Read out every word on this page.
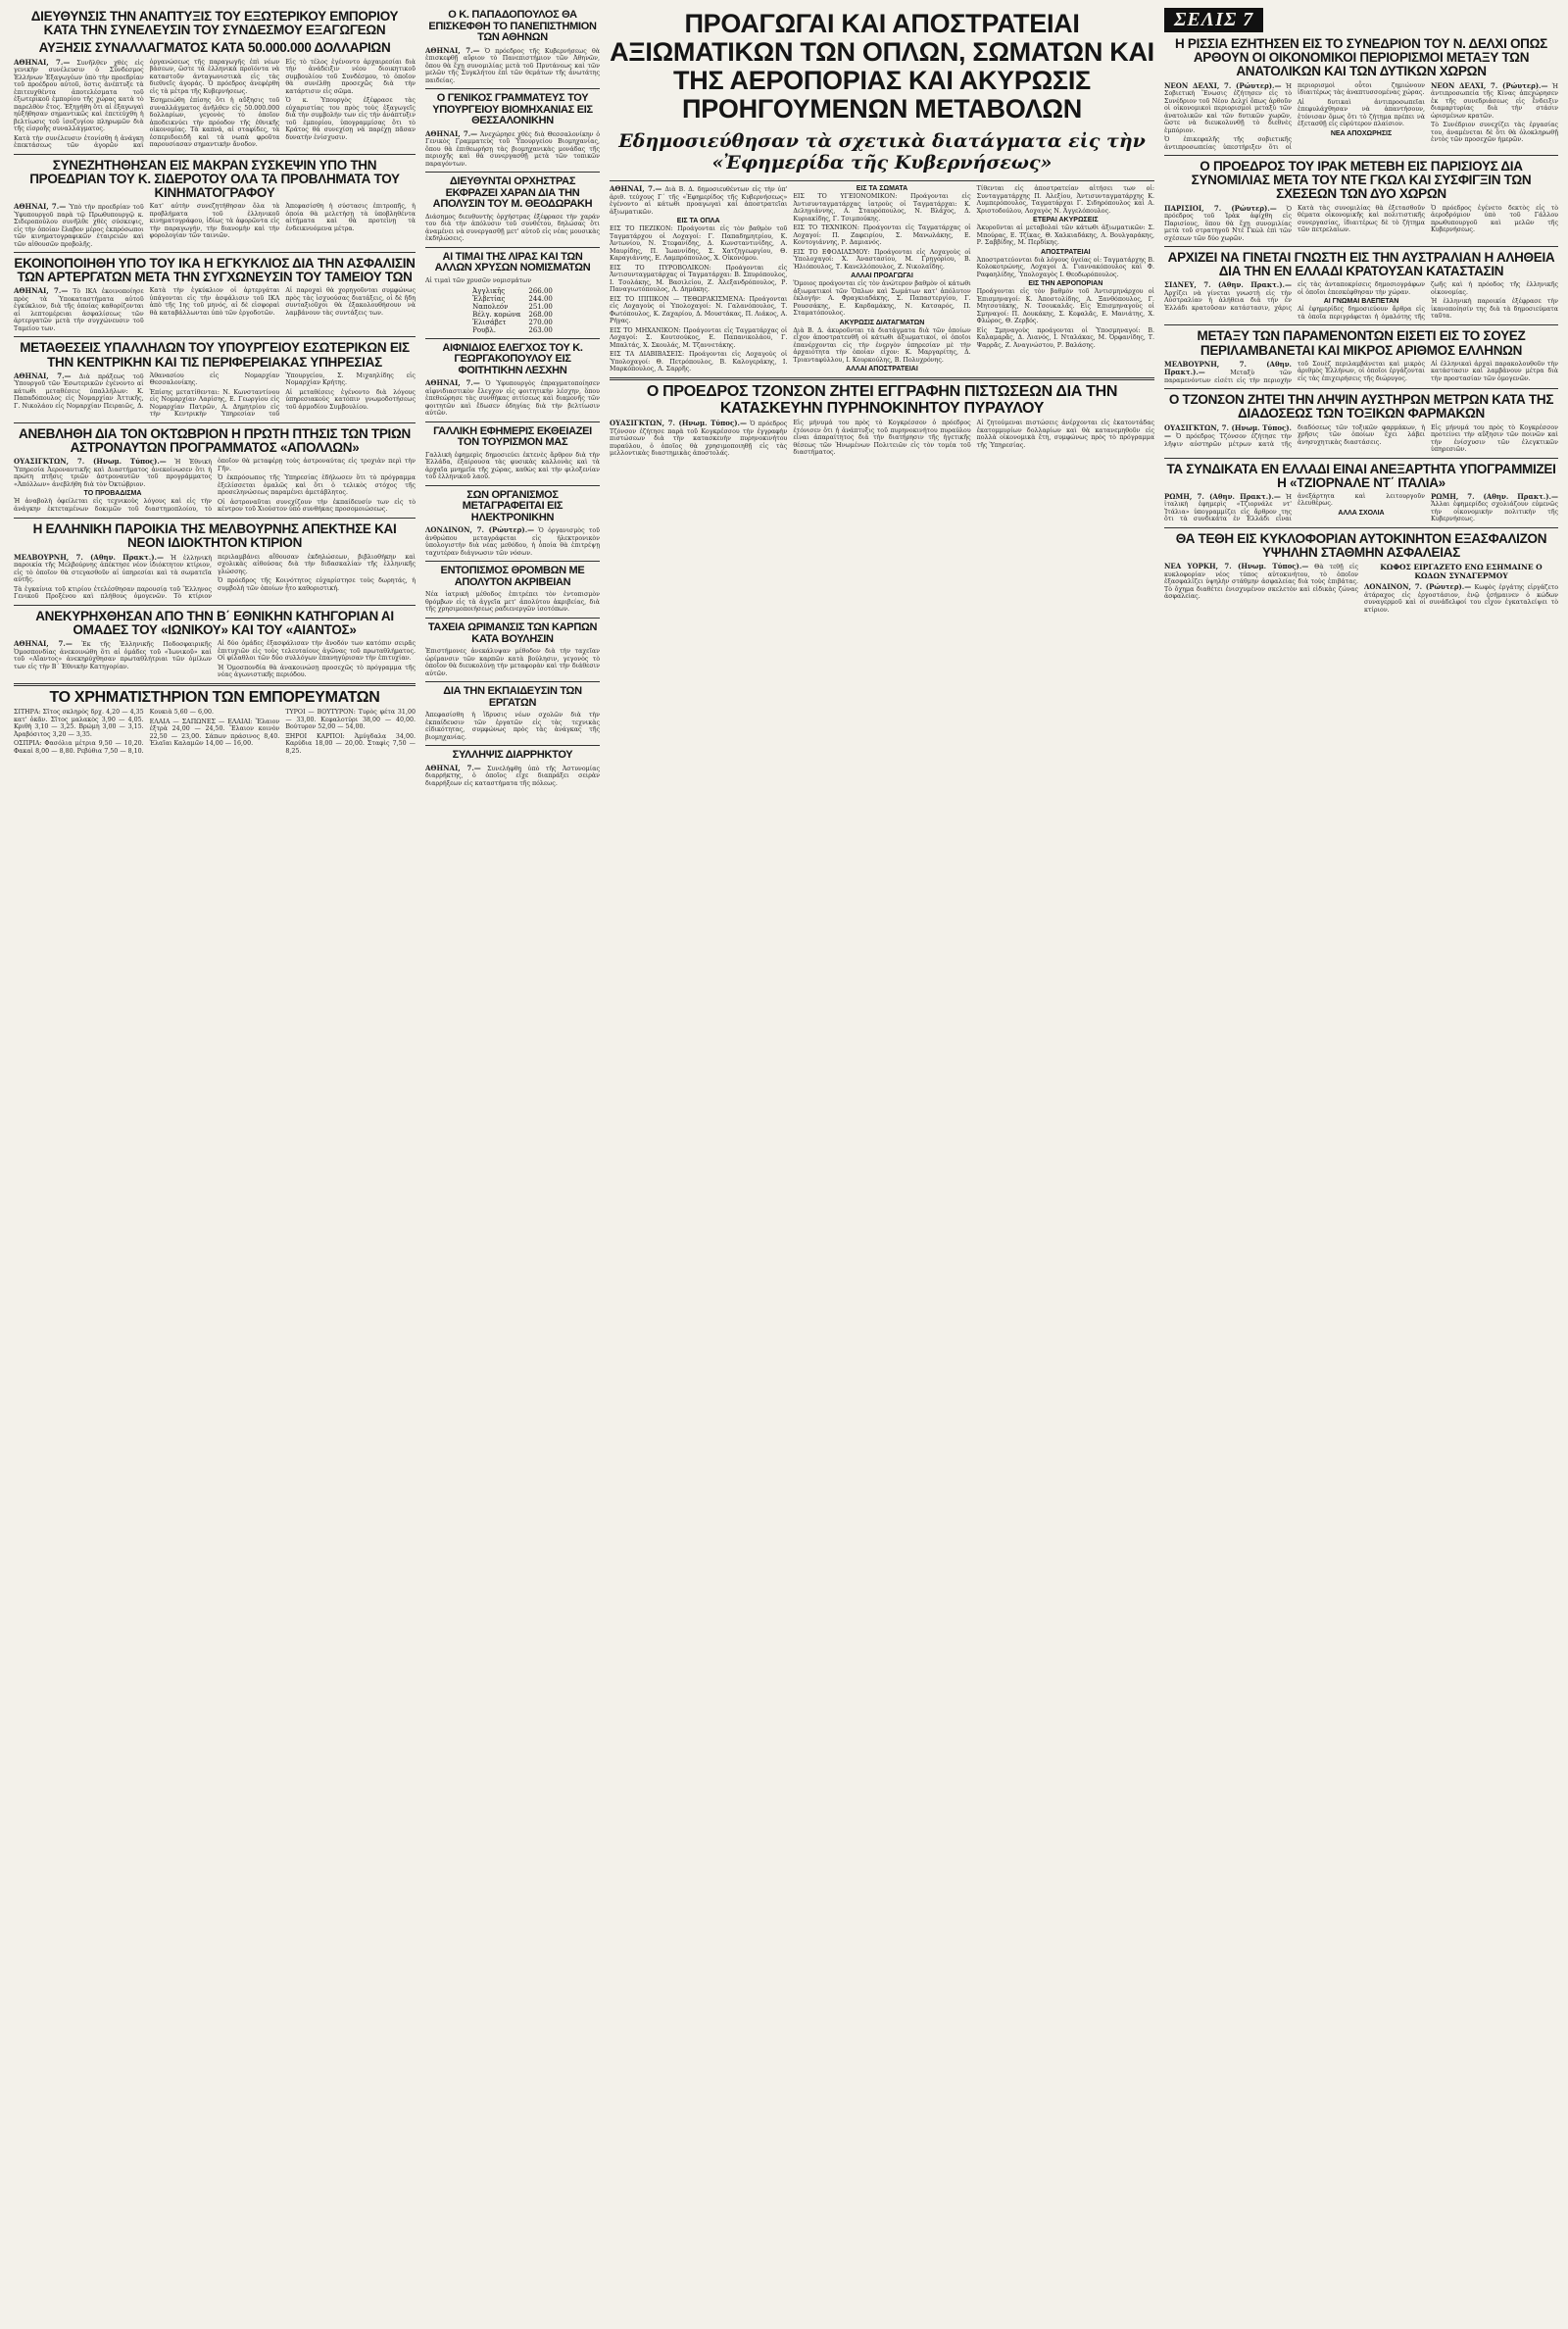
ΔΙΕΥΘΥΝΣΙΣ ΤΗΝ ΑΝΑΠΤΥΞΙΣ ΤΟΥ ΕΞΩΤΕΡΙΚΟΥ ΕΜΠΟΡΙΟΥ ΚΑΤΑ ΤΗΝ ΣΥΝΕΛΕΥΣΙΝ ΤΟΥ ΣΥΝΔΕΣΜΟΥ ΕΞΑΓΩΓΕΩΝ
ΑΥΞΗΣΙΣ ΣΥΝΑΛΛΑΓΜΑΤΟΣ ΚΑΤΑ 50.000.000 ΔΟΛΛΑΡΙΩΝ

ΑΘΗΝΑΙ, 7.— Συνῆλθεν χθὲς εἰς γενικὴν συνέλευσιν ὁ Σύνδεσμος Ἑλλήνων Ἐξαγωγέων ὑπὸ τὴν προεδρίαν τοῦ προέδρου αὐτοῦ, ὅστις ἀνέπτυξε τὰ ἐπιτευχθέντα ἀποτελέσματα τοῦ ἐξωτερικοῦ ἐμπορίου τῆς χώρας κατὰ τὸ παρελθὸν ἔτος. Ἐξηγήθη ὅτι αἱ ἐξαγωγαὶ ηὐξήθησαν σημαντικῶς καὶ ἐπετεύχθη ἡ βελτίωσις τοῦ ἰσοζυγίου πληρωμῶν διὰ τῆς εἰσροῆς συναλλάγματος.

Κατὰ τὴν συνέλευσιν ἐτονίσθη ἡ ἀνάγκη ἐπεκτάσεως τῶν ἀγορῶν καὶ ὀργανώσεως τῆς παραγωγῆς ἐπὶ νέων βάσεων, ὥστε τὰ ἑλληνικὰ προϊόντα νὰ καταστοῦν ἀνταγωνιστικὰ εἰς τὰς διεθνεῖς ἀγοράς. Ὁ πρόεδρος ἀνεφέρθη εἰς τὰ μέτρα τῆς Κυβερνήσεως.

Ἐσημειώθη ἐπίσης ὅτι ἡ αὔξησις τοῦ συναλλάγματος ἀνῆλθεν εἰς 50.000.000 δολλαρίων, γεγονὸς τὸ ὁποῖον ἀποδεικνύει τὴν πρόοδον τῆς ἐθνικῆς οἰκονομίας. Τὰ καπνά, αἱ σταφίδες, τὰ ἐσπεριδοειδῆ καὶ τὰ νωπὰ φροῦτα παρουσίασαν σημαντικὴν ἄνοδον.

Εἰς τὸ τέλος ἐγένοντο ἀρχαιρεσίαι διὰ τὴν ἀνάδειξιν νέου διοικητικοῦ συμβουλίου τοῦ Συνδέσμου, τὸ ὁποῖον θὰ συνέλθῃ προσεχῶς διὰ τὴν κατάρτισιν εἰς σῶμα.

Ὁ κ. Ὑπουργὸς ἐξέφρασε τὰς εὐχαριστίας του πρὸς τοὺς ἐξαγωγεῖς διὰ τὴν συμβολήν των εἰς τὴν ἀνάπτυξιν τοῦ ἐμπορίου, ὑπογραμμίσας ὅτι τὸ Κράτος θὰ συνεχίσῃ νὰ παρέχῃ πᾶσαν δυνατὴν ἐνίσχυσιν.

ΣΥΝΕΖΗΤΗΘΗΣΑΝ ΕΙΣ ΜΑΚΡΑΝ ΣΥΣΚΕΨΙΝ ΥΠΟ ΤΗΝ ΠΡΟΕΔΡΙΑΝ ΤΟΥ Κ. ΣΙΔΕΡΟΤΟΥ ΟΛΑ ΤΑ ΠΡΟΒΛΗΜΑΤΑ ΤΟΥ ΚΙΝΗΜΑΤΟΓΡΑΦΟΥ

ΑΘΗΝΑΙ, 7.— Ὑπὸ τὴν προεδρίαν τοῦ Ὑφυπουργοῦ παρὰ τῷ Πρωθυπουργῷ κ. Σιδεροπούλου συνῆλθε χθὲς σύσκεψις, εἰς τὴν ὁποίαν ἔλαβον μέρος ἐκπρόσωποι τῶν κινηματογραφικῶν ἑταιρειῶν καὶ τῶν αἰθουσῶν προβολῆς.

Κατ' αὐτὴν συνεζητήθησαν ὅλα τὰ προβλήματα τοῦ ἑλληνικοῦ κινηματογράφου, ἰδίως τὰ ἀφορῶντα εἰς τὴν παραγωγήν, τὴν διανομὴν καὶ τὴν φορολογίαν τῶν ταινιῶν.

Ἀπεφασίσθη ἡ σύστασις ἐπιτροπῆς, ἡ ὁποία θὰ μελετήσῃ τὰ ὑποβληθέντα αἰτήματα καὶ θὰ προτείνῃ τὰ ἐνδεικνυόμενα μέτρα.

ΕΚΟΙΝΟΠΟΙΗΘΗ ΥΠΟ ΤΟΥ ΙΚΑ Η ΕΓΚΥΚΛΙΟΣ ΔΙΑ ΤΗΝ ΑΣΦΑΛΙΣΙΝ ΤΩΝ ΑΡΤΕΡΓΑΤΩΝ ΜΕΤΑ ΤΗΝ ΣΥΓΧΩΝΕΥΣΙΝ ΤΟΥ ΤΑΜΕΙΟΥ ΤΩΝ

ΑΘΗΝΑΙ, 7.— Τὸ ΙΚΑ ἐκοινοποίησε πρὸς τὰ Ὑποκαταστήματα αὐτοῦ ἐγκύκλιον, διὰ τῆς ὁποίας καθορίζονται αἱ λεπτομέρειαι ἀσφαλίσεως τῶν ἀρτεργατῶν μετὰ τὴν συγχώνευσιν τοῦ Ταμείου των.

Κατὰ τὴν ἐγκύκλιον οἱ ἀρτεργάται ὑπάγονται εἰς τὴν ἀσφάλισιν τοῦ ΙΚΑ ἀπὸ τῆς 1ης τοῦ μηνός, αἱ δὲ εἰσφοραὶ θὰ καταβάλλωνται ὑπὸ τῶν ἐργοδοτῶν.

Αἱ παροχαὶ θὰ χορηγοῦνται συμφώνως πρὸς τὰς ἰσχυούσας διατάξεις, οἱ δὲ ἤδη συνταξιοῦχοι θὰ ἐξακολουθήσουν νὰ λαμβάνουν τὰς συντάξεις των.

ΜΕΤΑΘΕΣΕΙΣ ΥΠΑΛΛΗΛΩΝ ΤΟΥ ΥΠΟΥΡΓΕΙΟΥ ΕΣΩΤΕΡΙΚΩΝ ΕΙΣ ΤΗΝ ΚΕΝΤΡΙΚΗΝ ΚΑΙ ΤΙΣ ΠΕΡΙΦΕΡΕΙΑΚΑΣ ΥΠΗΡΕΣΙΑΣ

ΑΘΗΝΑΙ, 7.— Διὰ πράξεως τοῦ Ὑπουργοῦ τῶν Ἐσωτερικῶν ἐγένοντο αἱ κάτωθι μεταθέσεις ὑπαλλήλων: Κ. Παπαδόπουλος εἰς Νομαρχίαν Ἀττικῆς, Γ. Νικολάου εἰς Νομαρχίαν Πειραιῶς, Δ. Ἀθανασίου εἰς Νομαρχίαν Θεσσαλονίκης.

Ἐπίσης μετατίθενται: Ν. Κωνσταντίνου εἰς Νομαρχίαν Λαρίσης, Ε. Γεωργίου εἰς Νομαρχίαν Πατρῶν, Α. Δημητρίου εἰς τὴν Κεντρικὴν Ὑπηρεσίαν τοῦ Ὑπουργείου, Σ. Μιχαηλίδης εἰς Νομαρχίαν Κρήτης.

Αἱ μεταθέσεις ἐγένοντο διὰ λόγους ὑπηρεσιακοὺς κατόπιν γνωμοδοτήσεως τοῦ ἁρμοδίου Συμβουλίου.

ΑΝΕΒΛΗΘΗ ΔΙΑ ΤΟΝ ΟΚΤΩΒΡΙΟΝ Η ΠΡΩΤΗ ΠΤΗΣΙΣ ΤΩΝ ΤΡΙΩΝ ΑΣΤΡΟΝΑΥΤΩΝ ΠΡΟΓΡΑΜΜΑΤΟΣ «ΑΠΟΛΛΩΝ»

ΟΥΑΣΙΓΚΤΩΝ, 7. (Ηνωμ. Τύπος).— Ἡ Ἐθνικὴ Ὑπηρεσία Ἀεροναυτικῆς καὶ Διαστήματος ἀνεκοίνωσεν ὅτι ἡ πρώτη πτῆσις τριῶν ἀστροναυτῶν τοῦ προγράμματος «Ἀπόλλων» ἀνεβλήθη διὰ τὸν Ὀκτώβριον.

ΤΟ ΠΡΟΒΑΔΙΣΜΑ

Ἡ ἀναβολὴ ὀφείλεται εἰς τεχνικοὺς λόγους καὶ εἰς τὴν ἀνάγκην ἐκτεταμένων δοκιμῶν τοῦ διαστημοπλοίου, τὸ ὁποῖον θὰ μεταφέρῃ τοὺς ἀστροναύτας εἰς τροχιὰν περὶ τὴν Γῆν.

Ὁ ἐκπρόσωπος τῆς Ὑπηρεσίας ἐδήλωσεν ὅτι τὸ πρόγραμμα ἐξελίσσεται ὁμαλῶς καὶ ὅτι ὁ τελικὸς στόχος τῆς προσεληνώσεως παραμένει ἀμετάβλητος.

Οἱ ἀστροναῦται συνεχίζουν τὴν ἐκπαίδευσίν των εἰς τὸ κέντρον τοῦ Χιούστον ὑπὸ συνθήκας προσομοιώσεως.

Η ΕΛΛΗΝΙΚΗ ΠΑΡΟΙΚΙΑ ΤΗΣ ΜΕΛΒΟΥΡΝΗΣ ΑΠΕΚΤΗΣΕ ΚΑΙ ΝΕΟΝ ΙΔΙΟΚΤΗΤΟΝ ΚΤΙΡΙΟΝ

ΜΕΛΒΟΥΡΝΗ, 7. (Αθην. Πρακτ.).— Ἡ ἑλληνικὴ παροικία τῆς Μελβούρνης ἀπέκτησε νέον ἰδιόκτητον κτίριον, εἰς τὸ ὁποῖον θὰ στεγασθοῦν αἱ ὑπηρεσίαι καὶ τὰ σωματεῖα αὐτῆς.

Τὰ ἐγκαίνια τοῦ κτιρίου ἐτελέσθησαν παρουσίᾳ τοῦ Ἕλληνος Γενικοῦ Προξένου καὶ πλήθους ὁμογενῶν. Τὸ κτίριον περιλαμβάνει αἴθουσαν ἐκδηλώσεων, βιβλιοθήκην καὶ σχολικὰς αἰθούσας διὰ τὴν διδασκαλίαν τῆς ἑλληνικῆς γλώσσης.

Ὁ πρόεδρος τῆς Κοινότητος εὐχαρίστησε τοὺς δωρητάς, ἡ συμβολὴ τῶν ὁποίων ἦτο καθοριστική.

ΑΝΕΚΥΡΗΧΘΗΣΑΝ ΑΠΟ ΤΗΝ Β΄ ΕΘΝΙΚΗΝ ΚΑΤΗΓΟΡΙΑΝ ΑΙ ΟΜΑΔΕΣ ΤΟΥ «ΙΩΝΙΚΟΥ» ΚΑΙ ΤΟΥ «ΑΙΑΝΤΟΣ»

ΑΘΗΝΑΙ, 7.— Ἐκ τῆς Ἑλληνικῆς Ποδοσφαιρικῆς Ὁμοσπονδίας ἀνεκοινώθη ὅτι αἱ ὁμάδες τοῦ «Ἰωνικοῦ» καὶ τοῦ «Αἴαντος» ἀνεκηρύχθησαν πρωταθλήτριαι τῶν ὁμίλων των εἰς τὴν Β΄ Ἐθνικὴν Κατηγορίαν.

Αἱ δύο ὁμάδες ἐξασφάλισαν τὴν ἄνοδόν των κατόπιν σειρᾶς ἐπιτυχιῶν εἰς τοὺς τελευταίους ἀγῶνας τοῦ πρωταθλήματος. Οἱ φίλαθλοι τῶν δύο συλλόγων ἐπανηγύρισαν τὴν ἐπιτυχίαν.

Ἡ Ὁμοσπονδία θὰ ἀνακοινώσῃ προσεχῶς τὸ πρόγραμμα τῆς νέας ἀγωνιστικῆς περιόδου.

ΤΟ ΧΡΗΜΑΤΙΣΤΗΡΙΟΝ ΤΩΝ ΕΜΠΟΡΕΥΜΑΤΩΝ

ΣΙΤΗΡΑ: Σῖτος σκληρὸς δρχ. 4,20 — 4,35 κατ' ὀκᾶν. Σῖτος μαλακὸς 3,90 — 4,05. Κριθὴ 3,10 — 3,25. Βρώμη 3,00 — 3,15. Ἀραβόσιτος 3,20 — 3,35.

ΟΣΠΡΙΑ: Φασόλια μέτρια 9,50 — 10,20. Φακαὶ 8,00 — 8,80. Ρεβύθια 7,50 — 8,10. Κουκιὰ 5,60 — 6,00.

ΕΛΑΙΑ — ΣΑΠΩΝΕΣ — ΕΛΑΙΑΙ: Ἔλαιον ἐξτρὰ 24,00 — 24,50. Ἔλαιον κοινὸν 22,50 — 23,00. Σάπων πράσινος 8,40. Ἐλαῖαι Καλαμῶν 14,00 — 16,00.

ΤΥΡΟΙ — ΒΟΥΤΥΡΟΝ: Τυρὸς φέτα 31,00 — 33,00. Κεφαλοτύρι 38,00 — 40,00. Βούτυρον 52,00 — 54,00.

ΞΗΡΟΙ ΚΑΡΠΟΙ: Ἀμύγδαλα 34,00. Καρύδια 18,00 — 20,00. Σταφὶς 7,50 — 8,25.

Ο Κ. ΠΑΠΑΔΟΠΟΥΛΟΣ ΘΑ ΕΠΙΣΚΕΦΘΗ ΤΟ ΠΑΝΕΠΙΣΤΗΜΙΟΝ ΤΩΝ ΑΘΗΝΩΝ

ΑΘΗΝΑΙ, 7.— Ὁ πρόεδρος τῆς Κυβερνήσεως θὰ ἐπισκεφθῇ αὔριον τὸ Πανεπιστήμιον τῶν Ἀθηνῶν, ὅπου θὰ ἔχῃ συνομιλίας μετὰ τοῦ Πρυτάνεως καὶ τῶν μελῶν τῆς Συγκλήτου ἐπὶ τῶν θεμάτων τῆς ἀνωτάτης παιδείας.

Ο ΓΕΝΙΚΟΣ ΓΡΑΜΜΑΤΕΥΣ ΤΟΥ ΥΠΟΥΡΓΕΙΟΥ ΒΙΟΜΗΧΑΝΙΑΣ ΕΙΣ ΘΕΣΣΑΛΟΝΙΚΗΝ

ΑΘΗΝΑΙ, 7.— Ἀνεχώρησε χθὲς διὰ Θεσσαλονίκην ὁ Γενικὸς Γραμματεὺς τοῦ Ὑπουργείου Βιομηχανίας, ὅπου θὰ ἐπιθεωρήσῃ τὰς βιομηχανικὰς μονάδας τῆς περιοχῆς καὶ θὰ συνεργασθῇ μετὰ τῶν τοπικῶν παραγόντων.

ΔΙΕΥΘΥΝΤΑΙ ΟΡΧΗΣΤΡΑΣ ΕΚΦΡΑΖΕΙ ΧΑΡΑΝ ΔΙΑ ΤΗΝ ΑΠΟΛΥΣΙΝ ΤΟΥ Μ. ΘΕΟΔΩΡΑΚΗ

Διάσημος διευθυντὴς ὀρχήστρας ἐξέφρασε τὴν χαράν του διὰ τὴν ἀπόλυσιν τοῦ συνθέτου, δηλώσας ὅτι ἀναμένει νὰ συνεργασθῇ μετ' αὐτοῦ εἰς νέας μουσικὰς ἐκδηλώσεις.

ΑΙ ΤΙΜΑΙ ΤΗΣ ΛΙΡΑΣ ΚΑΙ ΤΩΝ ΑΛΛΩΝ ΧΡΥΣΩΝ ΝΟΜΙΣΜΑΤΩΝ

Αἱ τιμαὶ τῶν χρυσῶν νομισμάτων

Ἀγγλικῆς	266.00
Ἑλβετίας	244.00
Ναπολεόν	251.00
Βέλγ. κορώνα	268.00
Ἐλισάβετ	270.00
Ρουβλ.	263.00
ΑΙΦΝΙΔΙΟΣ ΕΛΕΓΧΟΣ ΤΟΥ Κ. ΓΕΩΡΓΑΚΟΠΟΥΛΟΥ ΕΙΣ ΦΟΙΤΗΤΙΚΗΝ ΛΕΣΧΗΝ

ΑΘΗΝΑΙ, 7.— Ὁ Ὑφυπουργὸς ἐπραγματοποίησεν αἰφνιδιαστικὸν ἔλεγχον εἰς φοιτητικὴν λέσχην, ὅπου ἐπεθεώρησε τὰς συνθήκας σιτίσεως καὶ διαμονῆς τῶν φοιτητῶν καὶ ἔδωσεν ὁδηγίας διὰ τὴν βελτίωσιν αὐτῶν.

ΓΑΛΛΙΚΗ ΕΦΗΜΕΡΙΣ ΕΚΘΕΙΑΖΕΙ ΤΟΝ ΤΟΥΡΙΣΜΟΝ ΜΑΣ

Γαλλικὴ ἐφημερὶς δημοσιεύει ἐκτενὲς ἄρθρον διὰ τὴν Ἑλλάδα, ἐξαίρουσα τὰς φυσικὰς καλλονὰς καὶ τὰ ἀρχαῖα μνημεῖα τῆς χώρας, καθὼς καὶ τὴν φιλοξενίαν τοῦ ἑλληνικοῦ λαοῦ.

ΣΩΝ ΟΡΓΑΝΙΣΜΟΣ ΜΕΤΑΓΡΑΦΕΙΤΑΙ ΕΙΣ ΗΛΕΚΤΡΟΝΙΚΗΝ

ΛΟΝΔΙΝΟΝ, 7. (Ρώυτερ).— Ὁ ὀργανισμὸς τοῦ ἀνθρώπου μεταγράφεται εἰς ἠλεκτρονικὸν ὑπολογιστὴν διὰ νέας μεθόδου, ἡ ὁποία θὰ ἐπιτρέψῃ ταχυτέραν διάγνωσιν τῶν νόσων.

ΕΝΤΟΠΙΣΜΟΣ ΘΡΟΜΒΩΝ ΜΕ ΑΠΟΛΥΤΟΝ ΑΚΡΙΒΕΙΑΝ

Νέα ἰατρικὴ μέθοδος ἐπιτρέπει τὸν ἐντοπισμὸν θρόμβων εἰς τὰ ἀγγεῖα μετ' ἀπολύτου ἀκριβείας, διὰ τῆς χρησιμοποιήσεως ραδιενεργῶν ἰσοτόπων.

ΤΑΧΕΙΑ ΩΡΙΜΑΝΣΙΣ ΤΩΝ ΚΑΡΠΩΝ ΚΑΤΑ ΒΟΥΛΗΣΙΝ

Ἐπιστήμονες ἀνεκάλυψαν μέθοδον διὰ τὴν ταχεῖαν ὡρίμανσιν τῶν καρπῶν κατὰ βούλησιν, γεγονὸς τὸ ὁποῖον θὰ διευκολύνῃ τὴν μεταφορὰν καὶ τὴν διάθεσιν αὐτῶν.

ΔΙΑ ΤΗΝ ΕΚΠΑΙΔΕΥΣΙΝ ΤΩΝ ΕΡΓΑΤΩΝ

Ἀπεφασίσθη ἡ ἵδρυσις νέων σχολῶν διὰ τὴν ἐκπαίδευσιν τῶν ἐργατῶν εἰς τὰς τεχνικὰς εἰδικότητας, συμφώνως πρὸς τὰς ἀνάγκας τῆς βιομηχανίας.

ΣΥΛΛΗΨΙΣ ΔΙΑΡΡΗΚΤΟΥ

ΑΘΗΝΑΙ, 7.— Συνελήφθη ὑπὸ τῆς Ἀστυνομίας διαρρήκτης, ὁ ὁποῖος εἶχε διαπράξει σειρὰν διαρρήξεων εἰς καταστήματα τῆς πόλεως.

ΠΡΟΑΓΩΓΑΙ ΚΑΙ ΑΠΟΣΤΡΑΤΕΙΑΙ ΑΞΙΩΜΑΤΙΚΩΝ ΤΩΝ ΟΠΛΩΝ, ΣΩΜΑΤΩΝ ΚΑΙ ΤΗΣ ΑΕΡΟΠΟΡΙΑΣ ΚΑΙ ΑΚΥΡΩΣΙΣ ΠΡΟΗΓΟΥΜΕΝΩΝ ΜΕΤΑΒΟΛΩΝ
Εδημοσιεύθησαν τὰ σχετικὰ διατάγματα εἰς τὴν «Ἐφημερίδα τῆς Κυβερνήσεως»

ΑΘΗΝΑΙ, 7.— Διὰ Β. Δ. δημοσιευθέντων εἰς τὴν ὑπ' ἀριθ. τεύχους Γ΄ τῆς «Ἐφημερίδος τῆς Κυβερνήσεως» ἐγένοντο αἱ κάτωθι προαγωγαὶ καὶ ἀποστρατεῖαι ἀξιωματικῶν.

ΕΙΣ ΤΑ ΟΠΛΑ

ΕΙΣ ΤΟ ΠΕΖΙΚΟΝ: Προάγονται εἰς τὸν βαθμὸν τοῦ Ταγματάρχου οἱ Λοχαγοί: Γ. Παπαδημητρίου, Κ. Ἀντωνίου, Ν. Στεφανίδης, Δ. Κωνσταντινίδης, Α. Μαυρίδης, Π. Ἰωαννίδης, Σ. Χατζηγεωργίου, Θ. Καραγιάννης, Ε. Λαμπρόπουλος, Χ. Οἰκονόμου.

ΕΙΣ ΤΟ ΠΥΡΟΒΟΛΙΚΟΝ: Προάγονται εἰς Ἀντισυνταγματάρχας οἱ Ταγματάρχαι: Β. Σπυρόπουλος, Ι. Τσολάκης, Μ. Βασιλείου, Ζ. Ἀλεξανδρόπουλος, Ρ. Παναγιωτόπουλος, Λ. Δημάκης.

ΕΙΣ ΤΟ ΙΠΠΙΚΟΝ — ΤΕΘΩΡΑΚΙΣΜΕΝΑ: Προάγονται εἰς Λοχαγοὺς οἱ Ὑπολοχαγοί: Ν. Γαλανόπουλος, Τ. Φωτόπουλος, Κ. Ζαχαρίου, Δ. Μουστάκας, Π. Λιάκος, Α. Ρήγας.

ΕΙΣ ΤΟ ΜΗΧΑΝΙΚΟΝ: Προάγονται εἰς Ταγματάρχας οἱ Λοχαγοί: Σ. Κουτσούκος, Ε. Παπανικολάου, Γ. Μπαλτάς, Χ. Σκουλάς, Μ. Τζαννετάκης.

ΕΙΣ ΤΑ ΔΙΑΒΙΒΑΣΕΙΣ: Προάγονται εἰς Λοχαγοὺς οἱ Ὑπολοχαγοί: Θ. Πετρόπουλος, Β. Καλογεράκης, Ι. Μαρκόπουλος, Λ. Σαρρῆς.

ΕΙΣ ΤΑ ΣΩΜΑΤΑ

ΕΙΣ ΤΟ ΥΓΕΙΟΝΟΜΙΚΟΝ: Προάγονται εἰς Ἀντισυνταγματάρχας ἰατροὺς οἱ Ταγματάρχαι: Κ. Δεληγιάννης, Α. Σταυρόπουλος, Ν. Βλάχος, Δ. Κυριακίδης, Γ. Τσιμπούκης.

ΕΙΣ ΤΟ ΤΕΧΝΙΚΟΝ: Προάγονται εἰς Ταγματάρχας οἱ Λοχαγοί: Π. Ζαφειρίου, Σ. Μανωλάκης, Ε. Κοντογιάννης, Ρ. Δαμιανός.

ΕΙΣ ΤΟ ΕΦΟΔΙΑΣΜΟΥ: Προάγονται εἰς Λοχαγοὺς οἱ Ὑπολοχαγοί: Χ. Ἀναστασίου, Μ. Γρηγορίου, Β. Ἠλιόπουλος, Τ. Κανελλόπουλος, Ζ. Νικολαΐδης.

ΑΛΛΑΙ ΠΡΟΑΓΩΓΑΙ

Ὅμοιος προάγονται εἰς τὸν ἀνώτερον βαθμὸν οἱ κάτωθι ἀξιωματικοὶ τῶν Ὅπλων καὶ Σωμάτων κατ' ἀπόλυτον ἐκλογήν: Α. Φραγκιαδάκης, Σ. Παπαστεργίου, Γ. Ρουσσάκης, Ε. Καρδαμάκης, Ν. Κατσαρός, Π. Σταματόπουλος.

ΑΚΥΡΩΣΙΣ ΔΙΑΤΑΓΜΑΤΩΝ

Διὰ Β. Δ. ἀκυροῦνται τὰ διατάγματα διὰ τῶν ὁποίων εἶχον ἀποστρατευθῆ οἱ κάτωθι ἀξιωματικοί, οἱ ὁποῖοι ἐπανέρχονται εἰς τὴν ἐνεργὸν ὑπηρεσίαν μὲ τὴν ἀρχαιότητα τὴν ὁποίαν εἶχον: Κ. Μαργαρίτης, Δ. Τριανταφύλλου, Ι. Κουρκούλης, Β. Πολυχρόνης.

ΑΛΛΑΙ ΑΠΟΣΤΡΑΤΕΙΑΙ

Τίθενται εἰς ἀποστρατείαν αἰτήσει των οἱ: Συνταγματάρχης Π. Ἀλεξίου, Ἀντισυνταγματάρχης Κ. Λυμπερόπουλος, Ταγματάρχαι Γ. Σιδηρόπουλος καὶ Α. Χριστοδούλου, Λοχαγὸς Ν. Ἀγγελόπουλος.

ΕΤΕΡΑΙ ΑΚΥΡΩΣΕΙΣ

Ἀκυροῦνται αἱ μεταβολαὶ τῶν κάτωθι ἀξιωματικῶν: Σ. Μπούρας, Ε. Τζίκας, Θ. Χαλκιαδάκης, Λ. Βουλγαράκης, Ρ. Σαββίδης, Μ. Περδίκης.

ΑΠΟΣΤΡΑΤΕΙΑΙ

Ἀποστρατεύονται διὰ λόγους ὑγείας οἱ: Ταγματάρχης Β. Κολοκοτρώνης, Λοχαγοὶ Δ. Γιαννακόπουλος καὶ Φ. Ραφαηλίδης, Ὑπολοχαγὸς Ι. Θεοδωρόπουλος.

ΕΙΣ ΤΗΝ ΑΕΡΟΠΟΡΙΑΝ

Προάγονται εἰς τὸν βαθμὸν τοῦ Ἀντισμηνάρχου οἱ Ἐπισμηναγοί: Κ. Ἀποστολίδης, Α. Ξανθόπουλος, Γ. Μητσοτάκης, Ν. Τσουκαλᾶς. Εἰς Ἐπισμηναγοὺς οἱ Σμηναγοί: Π. Δουκάκης, Σ. Κεφαλᾶς, Ε. Μανιάτης, Χ. Φλώρος, Θ. Ζερβός.

Εἰς Σμηναγοὺς προάγονται οἱ Ὑποσμηναγοί: Β. Καλαμαρᾶς, Δ. Λιανός, Ι. Νταλάκας, Μ. Ὀρφανίδης, Τ. Ψαρρᾶς, Ζ. Ἀναγνώστου, Ρ. Βαλάσης.

Ο ΠΡΟΕΔΡΟΣ ΤΖΟΝΣΟΝ ΖΗΤΕΙ ΕΓΓΡΑΦΗΝ ΠΙΣΤΩΣΕΩΝ ΔΙΑ ΤΗΝ ΚΑΤΑΣΚΕΥΗΝ ΠΥΡΗΝΟΚΙΝΗΤΟΥ ΠΥΡΑΥΛΟΥ

ΟΥΑΣΙΓΚΤΩΝ, 7. (Ηνωμ. Τύπος).— Ὁ πρόεδρος Τζόνσον ἐζήτησε παρὰ τοῦ Κογκρέσσου τὴν ἐγγραφὴν πιστώσεων διὰ τὴν κατασκευὴν πυρηνοκινήτου πυραύλου, ὁ ὁποῖος θὰ χρησιμοποιηθῇ εἰς τὰς μελλοντικὰς διαστημικὰς ἀποστολάς.

Εἰς μήνυμά του πρὸς τὸ Κογκρέσσον ὁ πρόεδρος ἐτόνισεν ὅτι ἡ ἀνάπτυξις τοῦ πυρηνοκινήτου πυραύλου εἶναι ἀπαραίτητος διὰ τὴν διατήρησιν τῆς ἡγετικῆς θέσεως τῶν Ἡνωμένων Πολιτειῶν εἰς τὸν τομέα τοῦ διαστήματος.

Αἱ ζητούμεναι πιστώσεις ἀνέρχονται εἰς ἑκατοντάδας ἑκατομμυρίων δολλαρίων καὶ θὰ κατανεμηθοῦν εἰς πολλὰ οἰκονομικὰ ἔτη, συμφώνως πρὸς τὸ πρόγραμμα τῆς Ὑπηρεσίας.

ΣΕΛΙΣ 7
Η ΡΙΣΣΙΑ ΕΖΗΤΗΣΕΝ ΕΙΣ ΤΟ ΣΥΝΕΔΡΙΟΝ ΤΟΥ Ν. ΔΕΛΧΙ ΟΠΩΣ ΑΡΘΟΥΝ ΟΙ ΟΙΚΟΝΟΜΙΚΟΙ ΠΕΡΙΟΡΙΣΜΟΙ ΜΕΤΑΞΥ ΤΩΝ ΑΝΑΤΟΛΙΚΩΝ ΚΑΙ ΤΩΝ ΔΥΤΙΚΩΝ ΧΩΡΩΝ

ΝΕΟΝ ΔΕΛΧΙ, 7. (Ρώυτερ).— Ἡ Σοβιετικὴ Ἕνωσις ἐζήτησεν εἰς τὸ Συνέδριον τοῦ Νέου Δελχί ὅπως ἀρθοῦν οἱ οἰκονομικοὶ περιορισμοὶ μεταξὺ τῶν ἀνατολικῶν καὶ τῶν δυτικῶν χωρῶν, ὥστε νὰ διευκολυνθῇ τὸ διεθνὲς ἐμπόριον.

Ὁ ἐπικεφαλῆς τῆς σοβιετικῆς ἀντιπροσωπείας ὑπεστήριξεν ὅτι οἱ περιορισμοὶ οὗτοι ζημιώνουν ἰδιαιτέρως τὰς ἀναπτυσσομένας χώρας.

Αἱ δυτικαὶ ἀντιπροσωπεῖαι ἐπεφυλάχθησαν νὰ ἀπαντήσουν, ἐτόνισαν ὅμως ὅτι τὸ ζήτημα πρέπει νὰ ἐξετασθῇ εἰς εὐρύτερον πλαίσιον.

ΝΕΑ ΑΠΟΧΩΡΗΣΙΣ

ΝΕΟΝ ΔΕΛΧΙ, 7. (Ρώυτερ).— Ἡ ἀντιπροσωπεία τῆς Κίνας ἀπεχώρησεν ἐκ τῆς συνεδριάσεως εἰς ἔνδειξιν διαμαρτυρίας διὰ τὴν στάσιν ὡρισμένων κρατῶν.

Τὸ Συνέδριον συνεχίζει τὰς ἐργασίας του, ἀναμένεται δὲ ὅτι θὰ ὁλοκληρωθῇ ἐντὸς τῶν προσεχῶν ἡμερῶν.

Ο ΠΡΟΕΔΡΟΣ ΤΟΥ ΙΡΑΚ ΜΕΤΕΒΗ ΕΙΣ ΠΑΡΙΣΙΟΥΣ ΔΙΑ ΣΥΝΟΜΙΛΙΑΣ ΜΕΤΑ ΤΟΥ ΝΤΕ ΓΚΩΛ ΚΑΙ ΣΥΣΦΙΓΞΙΝ ΤΩΝ ΣΧΕΣΕΩΝ ΤΩΝ ΔΥΟ ΧΩΡΩΝ

ΠΑΡΙΣΙΟΙ, 7. (Ρώυτερ).— Ὁ πρόεδρος τοῦ Ἰρὰκ ἀφίχθη εἰς Παρισίους, ὅπου θὰ ἔχῃ συνομιλίας μετὰ τοῦ στρατηγοῦ Ντὲ Γκὼλ ἐπὶ τῶν σχέσεων τῶν δύο χωρῶν.

Κατὰ τὰς συνομιλίας θὰ ἐξετασθοῦν θέματα οἰκονομικῆς καὶ πολιτιστικῆς συνεργασίας, ἰδιαιτέρως δὲ τὸ ζήτημα τῶν πετρελαίων.

Ὁ πρόεδρος ἐγένετο δεκτὸς εἰς τὸ ἀεροδρόμιον ὑπὸ τοῦ Γάλλου πρωθυπουργοῦ καὶ μελῶν τῆς Κυβερνήσεως.

ΑΡΧΙΖΕΙ ΝΑ ΓΙΝΕΤΑΙ ΓΝΩΣΤΗ ΕΙΣ ΤΗΝ ΑΥΣΤΡΑΛΙΑΝ Η ΑΛΗΘΕΙΑ ΔΙΑ ΤΗΝ ΕΝ ΕΛΛΑΔΙ ΚΡΑΤΟΥΣΑΝ ΚΑΤΑΣΤΑΣΙΝ

ΣΙΔΝΕΥ, 7. (Αθην. Πρακτ.).— Ἀρχίζει νὰ γίνεται γνωστὴ εἰς τὴν Αὐστραλίαν ἡ ἀλήθεια διὰ τὴν ἐν Ἑλλάδι κρατοῦσαν κατάστασιν, χάρις εἰς τὰς ἀνταποκρίσεις δημοσιογράφων οἱ ὁποῖοι ἐπεσκέφθησαν τὴν χώραν.

ΑΙ ΓΝΩΜΑΙ ΒΛΕΠΕΤΑΝ

Αἱ ἐφημερίδες δημοσιεύουν ἄρθρα εἰς τὰ ὁποῖα περιγράφεται ἡ ὁμαλότης τῆς ζωῆς καὶ ἡ πρόοδος τῆς ἑλληνικῆς οἰκονομίας.

Ἡ ἑλληνικὴ παροικία ἐξέφρασε τὴν ἱκανοποίησίν της διὰ τὰ δημοσιεύματα ταῦτα.

ΜΕΤΑΞΥ ΤΩΝ ΠΑΡΑΜΕΝΟΝΤΩΝ ΕΙΣΕΤΙ ΕΙΣ ΤΟ ΣΟΥΕΖ ΠΕΡΙΛΑΜΒΑΝΕΤΑΙ ΚΑΙ ΜΙΚΡΟΣ ΑΡΙΘΜΟΣ ΕΛΛΗΝΩΝ

ΜΕΛΒΟΥΡΝΗ, 7. (Αθην. Πρακτ.).— Μεταξὺ τῶν παραμενόντων εἰσέτι εἰς τὴν περιοχὴν τοῦ Σουὲζ περιλαμβάνεται καὶ μικρὸς ἀριθμὸς Ἑλλήνων, οἱ ὁποῖοι ἐργάζονται εἰς τὰς ἐπιχειρήσεις τῆς διώρυγος.

Αἱ ἑλληνικαὶ ἀρχαὶ παρακολουθοῦν τὴν κατάστασιν καὶ λαμβάνουν μέτρα διὰ τὴν προστασίαν τῶν ὁμογενῶν.

Ο ΤΖΟΝΣΟΝ ΖΗΤΕΙ ΤΗΝ ΛΗΨΙΝ ΑΥΣΤΗΡΩΝ ΜΕΤΡΩΝ ΚΑΤΑ ΤΗΣ ΔΙΑΔΟΣΕΩΣ ΤΩΝ ΤΟΞΙΚΩΝ ΦΑΡΜΑΚΩΝ

ΟΥΑΣΙΓΚΤΩΝ, 7. (Ηνωμ. Τύπος).— Ὁ πρόεδρος Τζόνσον ἐζήτησε τὴν λῆψιν αὐστηρῶν μέτρων κατὰ τῆς διαδόσεως τῶν τοξικῶν φαρμάκων, ἡ χρῆσις τῶν ὁποίων ἔχει λάβει ἀνησυχητικὰς διαστάσεις.

Εἰς μήνυμά του πρὸς τὸ Κογκρέσσον προτείνει τὴν αὔξησιν τῶν ποινῶν καὶ τὴν ἐνίσχυσιν τῶν ἐλεγκτικῶν ὑπηρεσιῶν.

ΤΑ ΣΥΝΔΙΚΑΤΑ ΕΝ ΕΛΛΑΔΙ ΕΙΝΑΙ ΑΝΕΞΑΡΤΗΤΑ ΥΠΟΓΡΑΜΜΙΖΕΙ Η «ΤΖΙΟΡΝΑΛΕ ΝΤ΄ ΙΤΑΛΙΑ»

ΡΩΜΗ, 7. (Αθην. Πρακτ.).— Ἡ ἰταλικὴ ἐφημερὶς «Τζιορνάλε ντ' Ἰτάλια» ὑπογραμμίζει εἰς ἄρθρον της ὅτι τὰ συνδικάτα ἐν Ἑλλάδι εἶναι ἀνεξάρτητα καὶ λειτουργοῦν ἐλευθέρως.

ΑΛΛΑ ΣΧΟΛΙΑ

ΡΩΜΗ, 7. (Αθην. Πρακτ.).— Ἄλλαι ἐφημερίδες σχολιάζουν εὐμενῶς τὴν οἰκονομικὴν πολιτικὴν τῆς Κυβερνήσεως.

ΘΑ ΤΕΘΗ ΕΙΣ ΚΥΚΛΟΦΟΡΙΑΝ ΑΥΤΟΚΙΝΗΤΟΝ ΕΞΑΣΦΑΛΙΖΟΝ ΥΨΗΛΗΝ ΣΤΑΘΜΗΝ ΑΣΦΑΛΕΙΑΣ

ΝΕΑ ΥΟΡΚΗ, 7. (Ηνωμ. Τύπος).— Θὰ τεθῇ εἰς κυκλοφορίαν νέος τύπος αὐτοκινήτου, τὸ ὁποῖον ἐξασφαλίζει ὑψηλὴν στάθμην ἀσφαλείας διὰ τοὺς ἐπιβάτας. Τὸ ὄχημα διαθέτει ἐνισχυμένον σκελετὸν καὶ εἰδικὰς ζώνας ἀσφαλείας.

ΚΩΦΟΣ ΕΙΡΓΑΖΕΤΟ ΕΝΩ ΕΣΗΜΑΙΝΕ Ο ΚΩΔΩΝ ΣΥΝΑΓΕΡΜΟΥ

ΛΟΝΔΙΝΟΝ, 7. (Ρώυτερ).— Κωφὸς ἐργάτης εἰργάζετο ἀτάραχος εἰς ἐργοστάσιον, ἐνῷ ἐσήμαινεν ὁ κώδων συναγερμοῦ καὶ οἱ συνάδελφοί του εἶχον ἐγκαταλείψει τὸ κτίριον.
